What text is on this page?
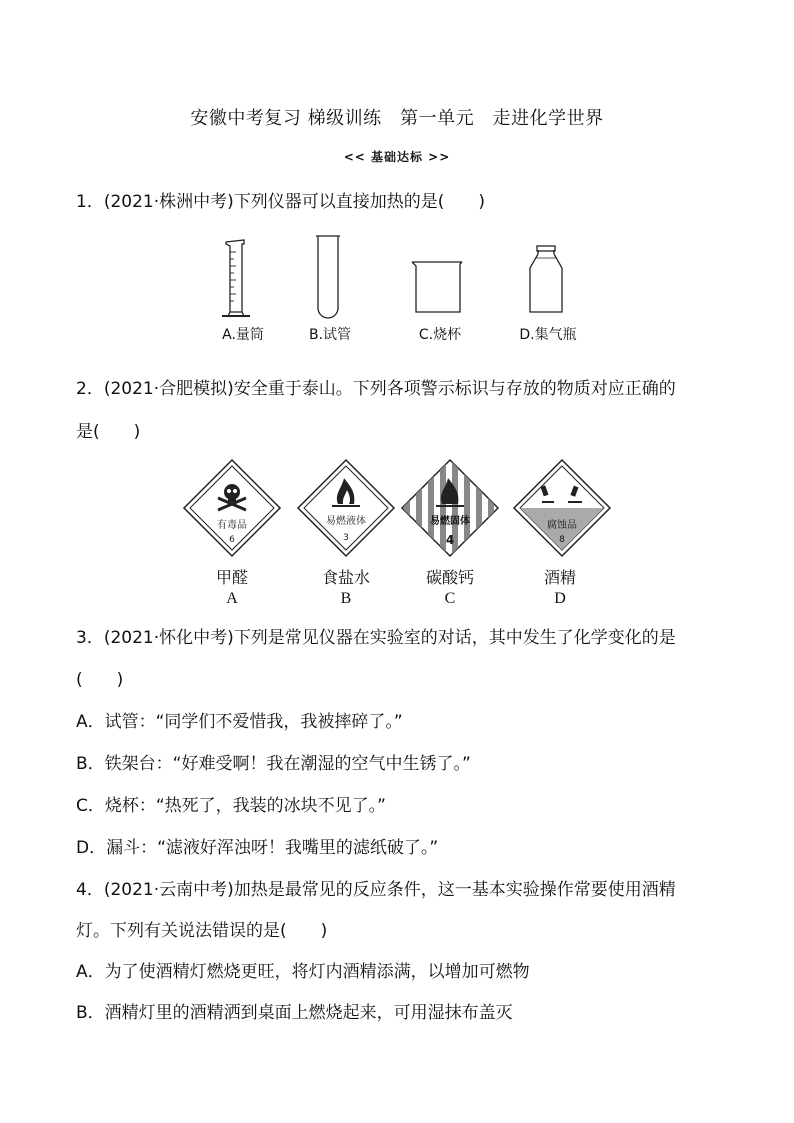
安徽中考复习 梯级训练　第一单元　走进化学世界
<< 基础达标 >>
1．(2021·株洲中考)下列仪器可以直接加热的是(　　)
A.量筒	B.试管	C.烧杯	D.集气瓶
2．(2021·合肥模拟)安全重于泰山。下列各项警示标识与存放的物质对应正确的
是(　　)
有毒品
6
易燃液体
3
易燃固体
4
腐蚀品
8
甲醛	食盐水	碳酸钙	酒精
A	B	C	D
3．(2021·怀化中考)下列是常见仪器在实验室的对话，其中发生了化学变化的是
(　　)
A．试管：“同学们不爱惜我，我被摔碎了。”
B．铁架台：“好难受啊！我在潮湿的空气中生锈了。”
C．烧杯：“热死了，我装的冰块不见了。”
D．漏斗：“滤液好浑浊呀！我嘴里的滤纸破了。”
4．(2021·云南中考)加热是最常见的反应条件，这一基本实验操作常要使用酒精
灯。下列有关说法错误的是(　　)
A．为了使酒精灯燃烧更旺，将灯内酒精添满，以增加可燃物
B．酒精灯里的酒精洒到桌面上燃烧起来，可用湿抹布盖灭
